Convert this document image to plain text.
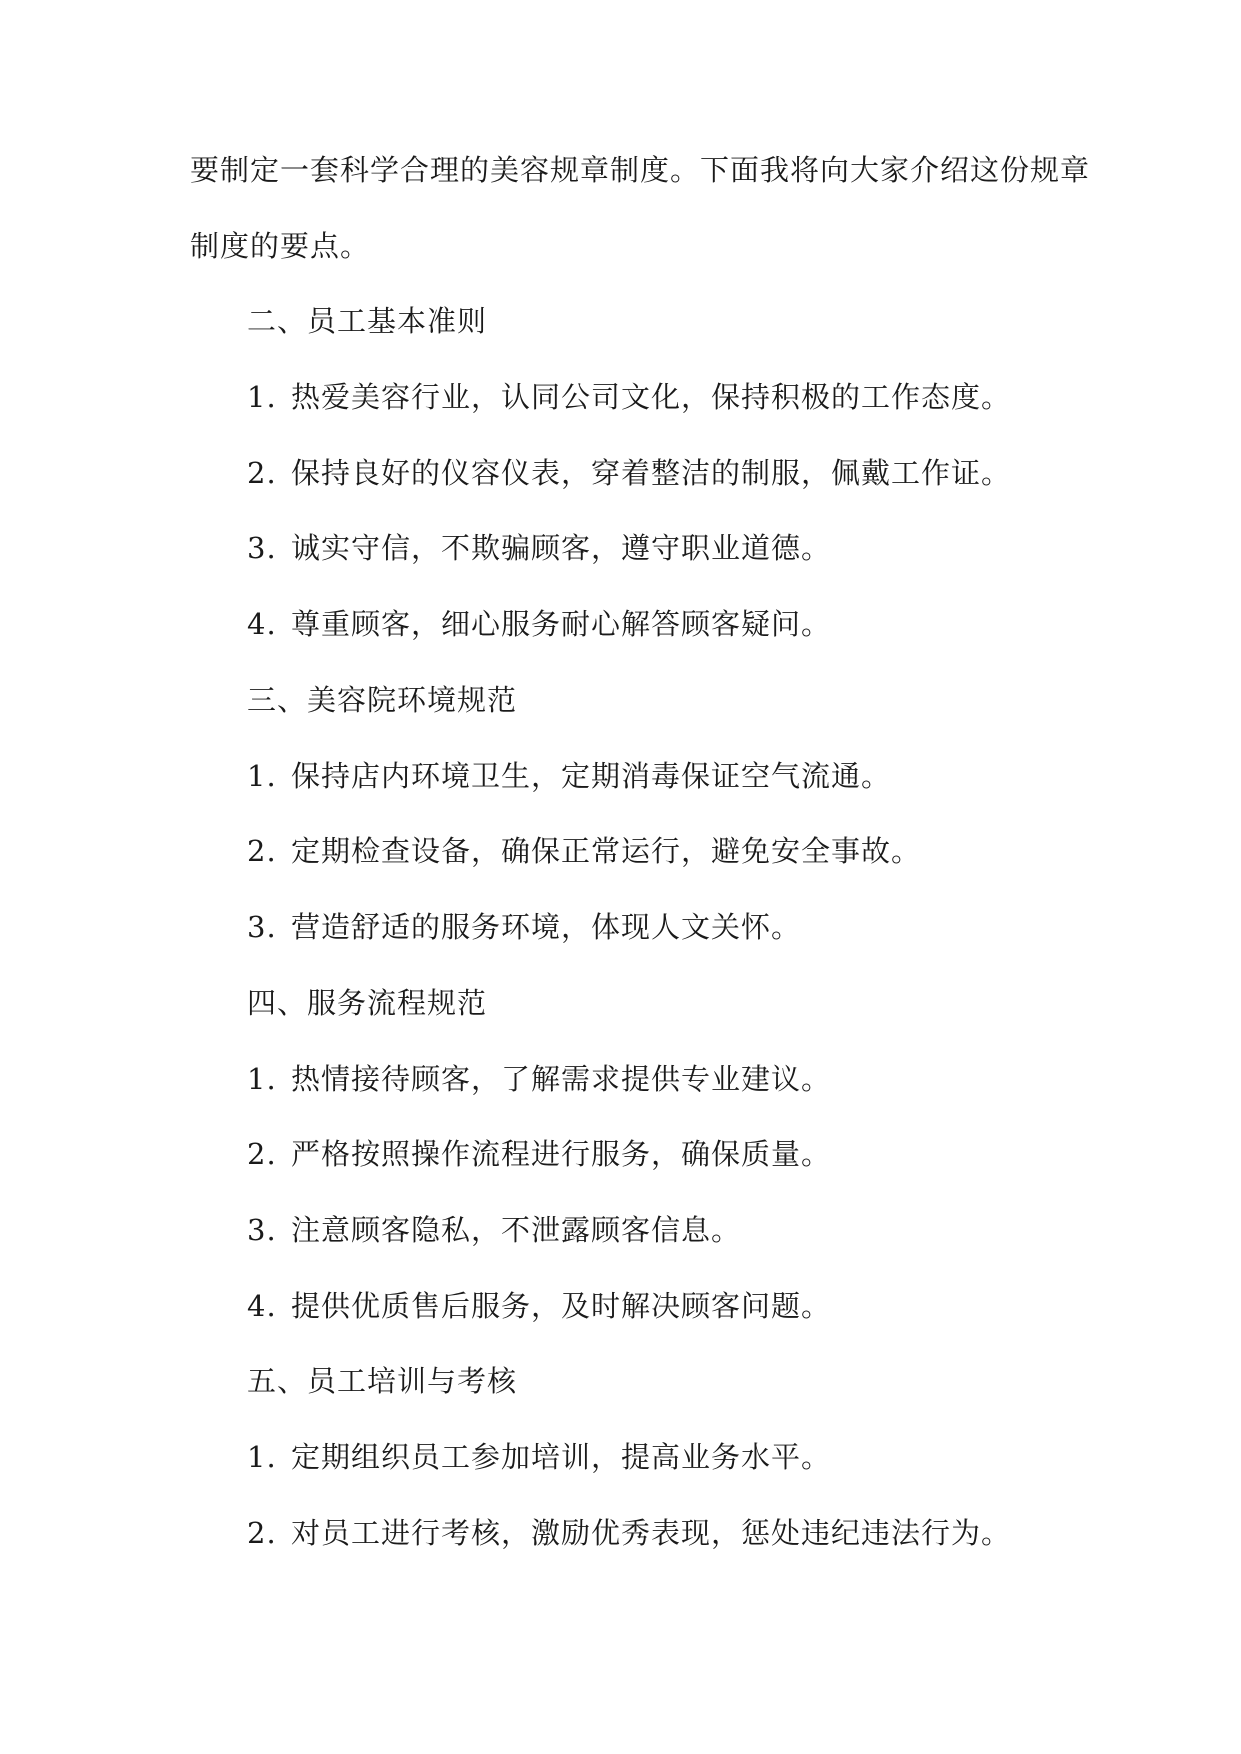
要制定一套科学合理的美容规章制度。下面我将向大家介绍这份规章
制度的要点。
二、员工基本准则
1. 热爱美容行业，认同公司文化，保持积极的工作态度。
2. 保持良好的仪容仪表，穿着整洁的制服，佩戴工作证。
3. 诚实守信，不欺骗顾客，遵守职业道德。
4. 尊重顾客，细心服务耐心解答顾客疑问。
三、美容院环境规范
1. 保持店内环境卫生，定期消毒保证空气流通。
2. 定期检查设备，确保正常运行，避免安全事故。
3. 营造舒适的服务环境，体现人文关怀。
四、服务流程规范
1. 热情接待顾客，了解需求提供专业建议。
2. 严格按照操作流程进行服务，确保质量。
3. 注意顾客隐私，不泄露顾客信息。
4. 提供优质售后服务，及时解决顾客问题。
五、员工培训与考核
1. 定期组织员工参加培训，提高业务水平。
2. 对员工进行考核，激励优秀表现，惩处违纪违法行为。
